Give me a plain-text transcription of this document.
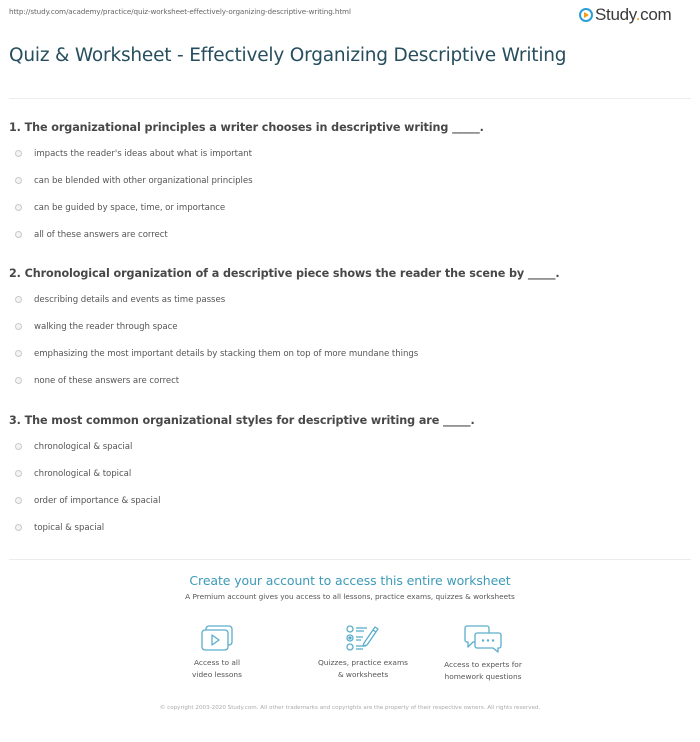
http://study.com/academy/practice/quiz-worksheet-effectively-organizing-descriptive-writing.html	Study.com
Quiz & Worksheet - Effectively Organizing Descriptive Writing
1. The organizational principles a writer chooses in descriptive writing _____.
impacts the reader's ideas about what is important
can be blended with other organizational principles
can be guided by space, time, or importance
all of these answers are correct
2. Chronological organization of a descriptive piece shows the reader the scene by _____.
describing details and events as time passes
walking the reader through space
emphasizing the most important details by stacking them on top of more mundane things
none of these answers are correct
3. The most common organizational styles for descriptive writing are _____.
chronological & spacial
chronological & topical
order of importance & spacial
topical & spacial
Create your account to access this entire worksheet
A Premium account gives you access to all lessons, practice exams, quizzes & worksheets
Access to all
video lessons
Quizzes, practice exams
& worksheets
Access to experts for
homework questions
© copyright 2003-2020 Study.com. All other trademarks and copyrights are the property of their respective owners. All rights reserved.
